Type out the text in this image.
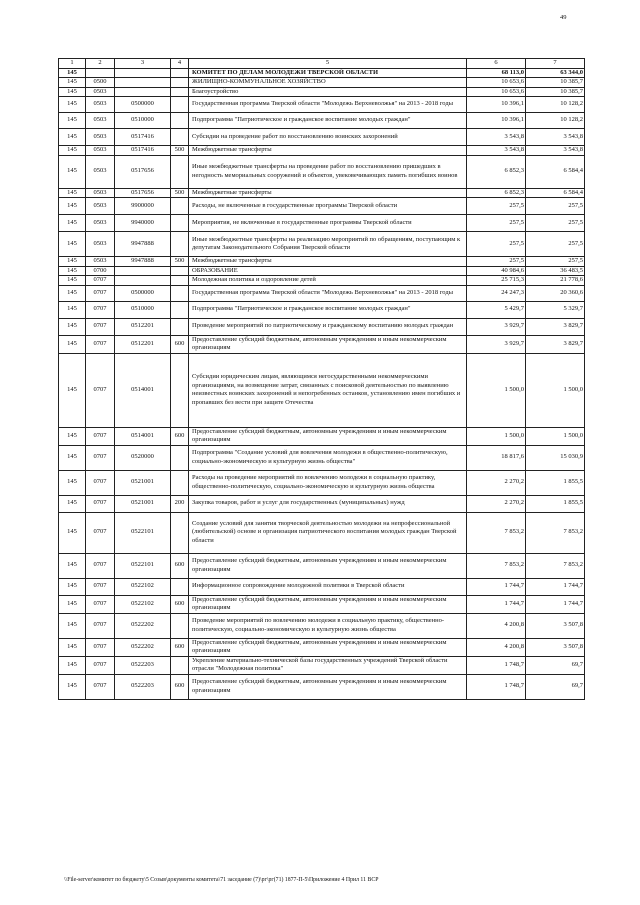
49
1	2	3	4	5	6	7
145				КОМИТЕТ ПО ДЕЛАМ МОЛОДЕЖИ ТВЕРСКОЙ ОБЛАСТИ	68 113,0	63 344,0
145	0500			ЖИЛИЩНО-КОММУНАЛЬНОЕ ХОЗЯЙСТВО	10 653,6	10 385,7
145	0503			Благоустройство	10 653,6	10 385,7
145	0503	0500000		Государственная программа Тверской области "Молодежь Верхневолжья" на 2013 - 2018 годы	10 396,1	10 128,2
145	0503	0510000		Подпрограмма "Патриотическое и гражданское воспитание молодых граждан"	10 396,1	10 128,2
145	0503	0517416		Субсидии на проведение работ по восстановлению воинских захоронений	3 543,8	3 543,8
145	0503	0517416	500	Межбюджетные трансферты	3 543,8	3 543,8
145	0503	0517656		Иные межбюджетные трансферты на проведение работ по восстановлению пришедших в негодность мемориальных сооружений и объектов, увековечивающих память погибших воинов	6 852,3	6 584,4
145	0503	0517656	500	Межбюджетные трансферты	6 852,3	6 584,4
145	0503	9900000		Расходы, не включенные в государственные программы Тверской области	257,5	257,5
145	0503	9940000		Мероприятия, не включенные в государственные программы Тверской области	257,5	257,5
145	0503	9947888		Иные межбюджетные трансферты на реализацию мероприятий по обращениям, поступающим к депутатам Законодательного Собрания Тверской области	257,5	257,5
145	0503	9947888	500	Межбюджетные трансферты	257,5	257,5
145	0700			ОБРАЗОВАНИЕ	40 984,6	36 483,5
145	0707			Молодежная политика и оздоровление детей	25 715,3	21 778,6
145	0707	0500000		Государственная программа Тверской области "Молодежь Верхневолжья" на 2013 - 2018 годы	24 247,3	20 360,6
145	0707	0510000		Подпрограмма "Патриотическое и гражданское воспитание молодых граждан"	5 429,7	5 329,7
145	0707	0512201		Проведение мероприятий по патриотическому и гражданскому воспитанию молодых граждан	3 929,7	3 829,7
145	0707	0512201	600	Предоставление субсидий бюджетным, автономным учреждениям и иным некоммерческим организациям	3 929,7	3 829,7
145	0707	0514001		Субсидии юридическим лицам, являющимся негосударственными некоммерческими организациями, на возмещение затрат, связанных с поисковой деятельностью по выявлению неизвестных воинских захоронений и непогребенных останков, установлению имен погибших и пропавших без вести при защите Отечества	1 500,0	1 500,0
145	0707	0514001	600	Предоставление субсидий бюджетным, автономным учреждениям и иным некоммерческим организациям	1 500,0	1 500,0
145	0707	0520000		Подпрограмма "Создание условий для вовлечения молодежи в общественно-политическую, социально-экономическую и культурную жизнь общества"	18 817,6	15 030,9
145	0707	0521001		Расходы на проведение мероприятий по вовлечению молодежи в социальную практику, общественно-политическую, социально-экономическую и культурную жизнь общества	2 270,2	1 855,5
145	0707	0521001	200	Закупка товаров, работ и услуг для государственных (муниципальных) нужд	2 270,2	1 855,5
145	0707	0522101		Создание условий для занятия творческой деятельностью молодежи на непрофессиональной (любительской) основе и организация патриотического воспитания молодых граждан Тверской области	7 853,2	7 853,2
145	0707	0522101	600	Предоставление субсидий бюджетным, автономным учреждениям и иным некоммерческим организациям	7 853,2	7 853,2
145	0707	0522102		Информационное сопровождение молодежной политики в Тверской области	1 744,7	1 744,7
145	0707	0522102	600	Предоставление субсидий бюджетным, автономным учреждениям и иным некоммерческим организациям	1 744,7	1 744,7
145	0707	0522202		Проведение мероприятий по вовлечению молодежи в социальную практику, общественно-политическую, социально-экономическую и культурную жизнь общества	4 200,8	3 507,8
145	0707	0522202	600	Предоставление субсидий бюджетным, автономным учреждениям и иным некоммерческим организациям	4 200,8	3 507,8
145	0707	0522203		Укрепление материально-технической базы государственных учреждений Тверской области отрасли "Молодежная политика"	1 748,7	69,7
145	0707	0522203	600	Предоставление субсидий бюджетным, автономным учреждениям и иным некоммерческим организациям	1 748,7	69,7
\\File-server\комитет по бюджету\5 Созыв\документы комитета\71 заседание (7)\рг\рг(71) 1877-П-5\Приложение 4 Прил 11 ВСР
